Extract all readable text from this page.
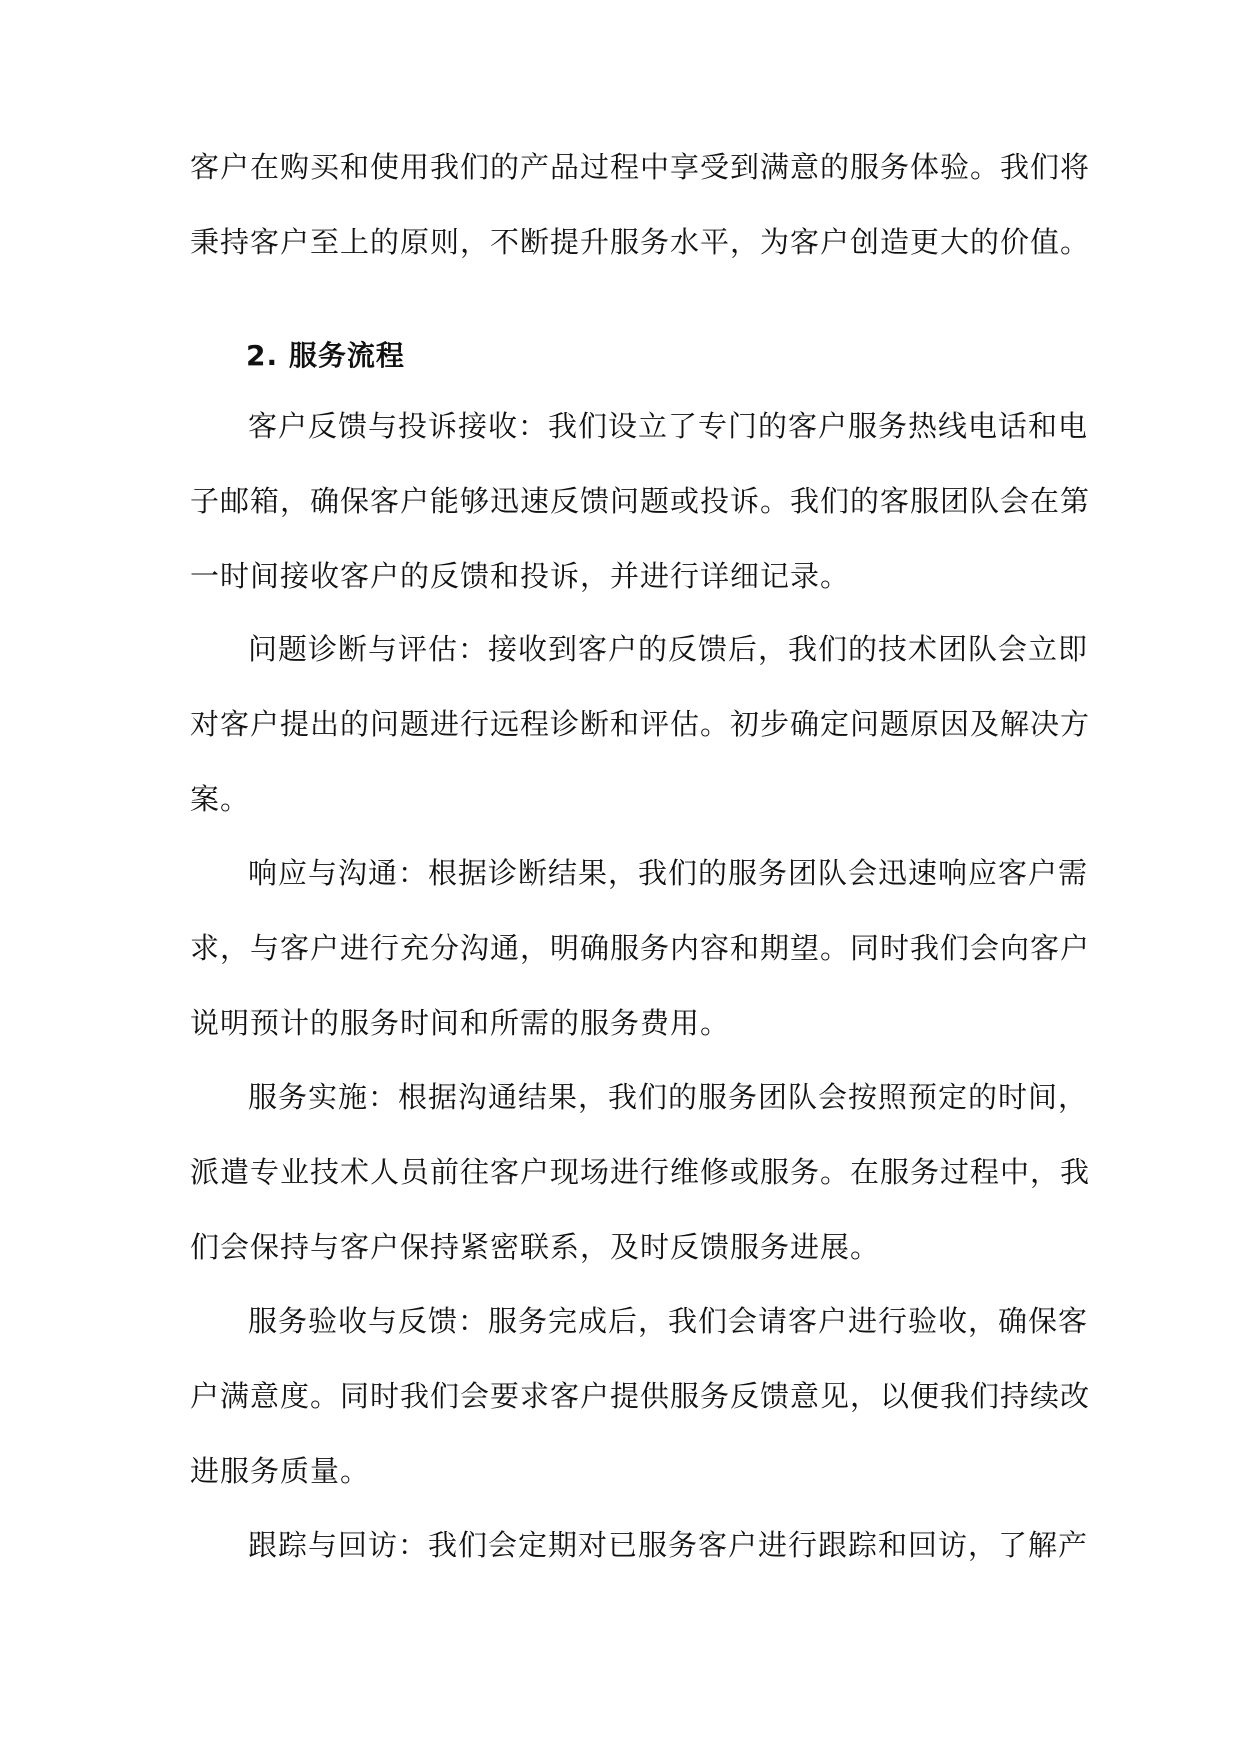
客户在购买和使用我们的产品过程中享受到满意的服务体验。我们将

秉持客户至上的原则，不断提升服务水平，为客户创造更大的价值。

2. 服务流程

客户反馈与投诉接收：我们设立了专门的客户服务热线电话和电

子邮箱，确保客户能够迅速反馈问题或投诉。我们的客服团队会在第

一时间接收客户的反馈和投诉，并进行详细记录。

问题诊断与评估：接收到客户的反馈后，我们的技术团队会立即

对客户提出的问题进行远程诊断和评估。初步确定问题原因及解决方

案。

响应与沟通：根据诊断结果，我们的服务团队会迅速响应客户需

求，与客户进行充分沟通，明确服务内容和期望。同时我们会向客户

说明预计的服务时间和所需的服务费用。

服务实施：根据沟通结果，我们的服务团队会按照预定的时间，

派遣专业技术人员前往客户现场进行维修或服务。在服务过程中，我

们会保持与客户保持紧密联系，及时反馈服务进展。

服务验收与反馈：服务完成后，我们会请客户进行验收，确保客

户满意度。同时我们会要求客户提供服务反馈意见，以便我们持续改

进服务质量。

跟踪与回访：我们会定期对已服务客户进行跟踪和回访，了解产
